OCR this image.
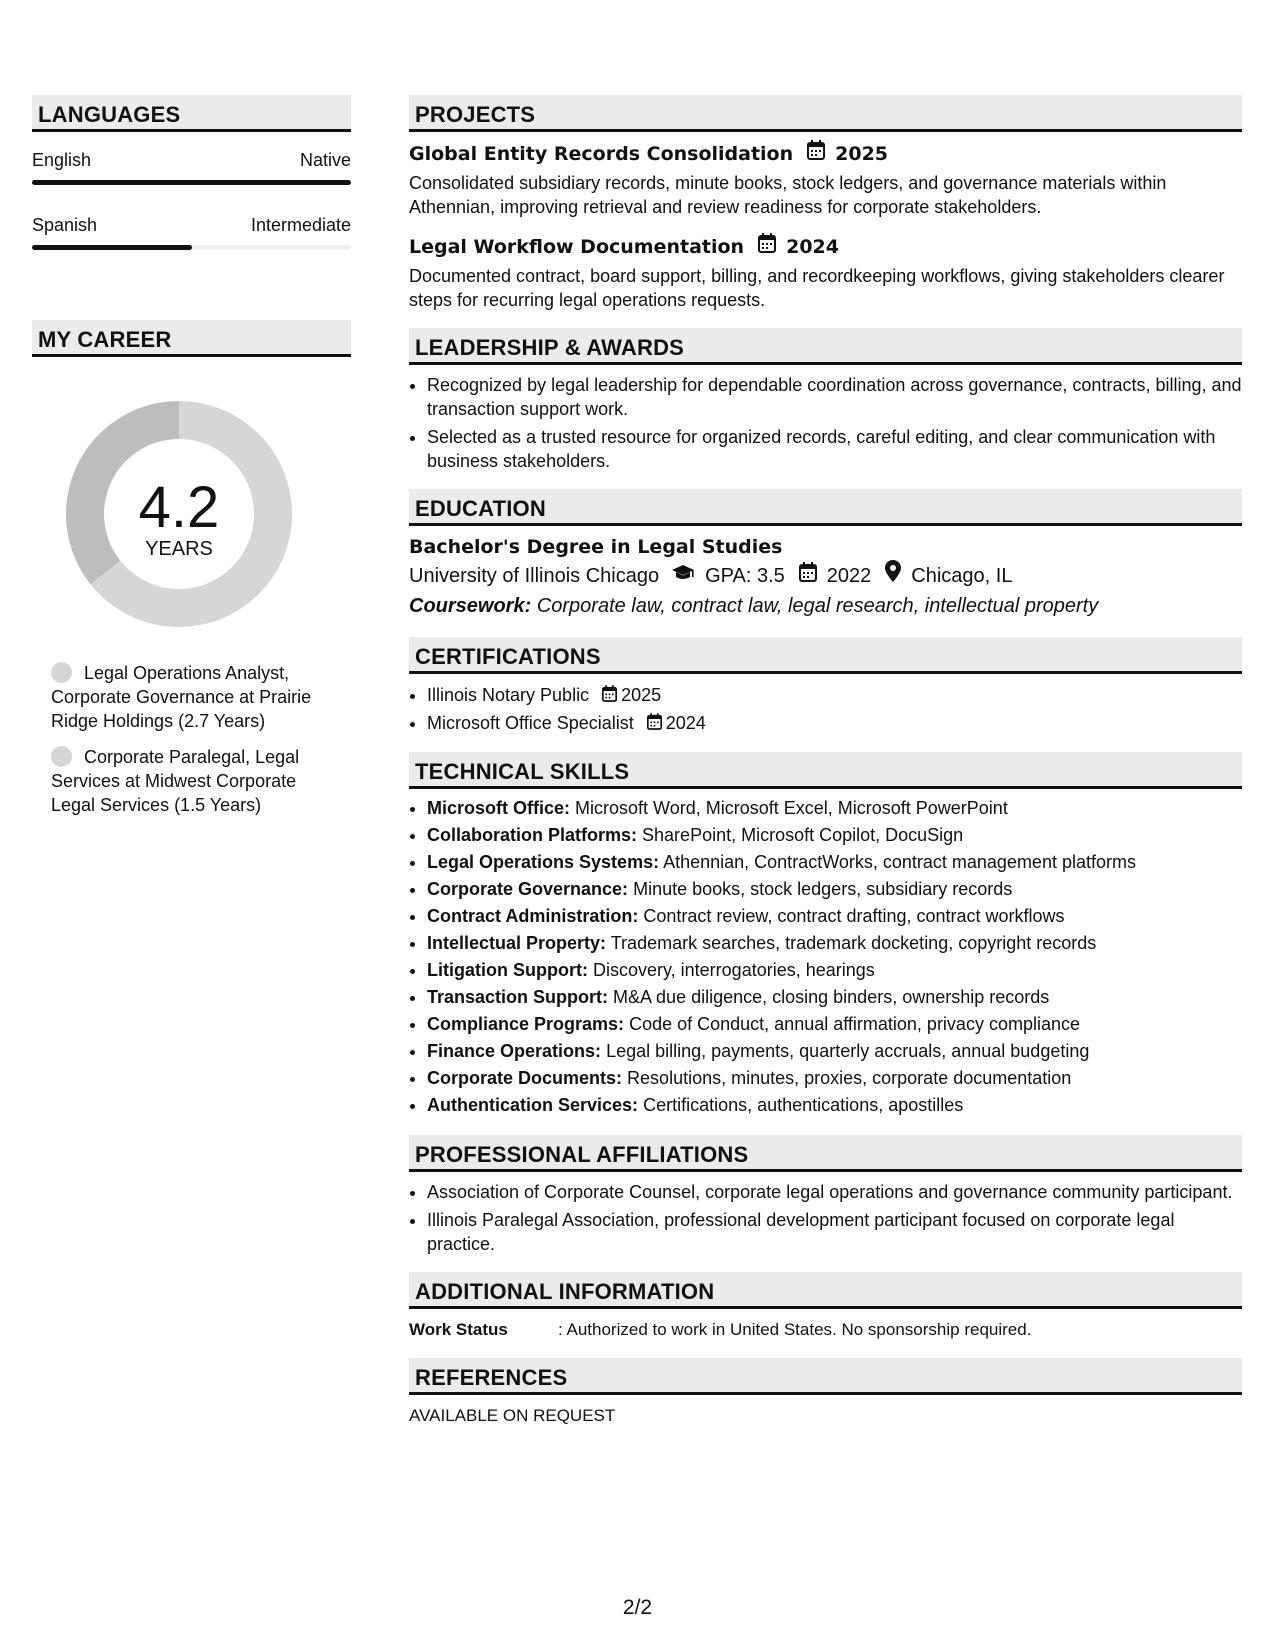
LANGUAGES
English	Native
Spanish	Intermediate
MY CAREER
4.2
YEARS
Legal Operations Analyst, Corporate Governance at Prairie Ridge Holdings (2.7 Years)
Corporate Paralegal, Legal Services at Midwest Corporate Legal Services (1.5 Years)
PROJECTS
Global Entity Records Consolidation 2025
Consolidated subsidiary records, minute books, stock ledgers, and governance materials within Athennian, improving retrieval and review readiness for corporate stakeholders.
Legal Workflow Documentation 2024
Documented contract, board support, billing, and recordkeeping workflows, giving stakeholders clearer steps for recurring legal operations requests.
LEADERSHIP & AWARDS
• Recognized by legal leadership for dependable coordination across governance, contracts, billing, and transaction support work.
• Selected as a trusted resource for organized records, careful editing, and clear communication with business stakeholders.
EDUCATION
Bachelor's Degree in Legal Studies
University of Illinois Chicago GPA: 3.5 2022 Chicago, IL
Coursework: Corporate law, contract law, legal research, intellectual property
CERTIFICATIONS
• Illinois Notary Public 2025
• Microsoft Office Specialist 2024
TECHNICAL SKILLS
• Microsoft Office: Microsoft Word, Microsoft Excel, Microsoft PowerPoint
• Collaboration Platforms: SharePoint, Microsoft Copilot, DocuSign
• Legal Operations Systems: Athennian, ContractWorks, contract management platforms
• Corporate Governance: Minute books, stock ledgers, subsidiary records
• Contract Administration: Contract review, contract drafting, contract workflows
• Intellectual Property: Trademark searches, trademark docketing, copyright records
• Litigation Support: Discovery, interrogatories, hearings
• Transaction Support: M&A due diligence, closing binders, ownership records
• Compliance Programs: Code of Conduct, annual affirmation, privacy compliance
• Finance Operations: Legal billing, payments, quarterly accruals, annual budgeting
• Corporate Documents: Resolutions, minutes, proxies, corporate documentation
• Authentication Services: Certifications, authentications, apostilles
PROFESSIONAL AFFILIATIONS
• Association of Corporate Counsel, corporate legal operations and governance community participant.
• Illinois Paralegal Association, professional development participant focused on corporate legal practice.
ADDITIONAL INFORMATION
Work Status	: Authorized to work in United States. No sponsorship required.
REFERENCES
AVAILABLE ON REQUEST
2/2
